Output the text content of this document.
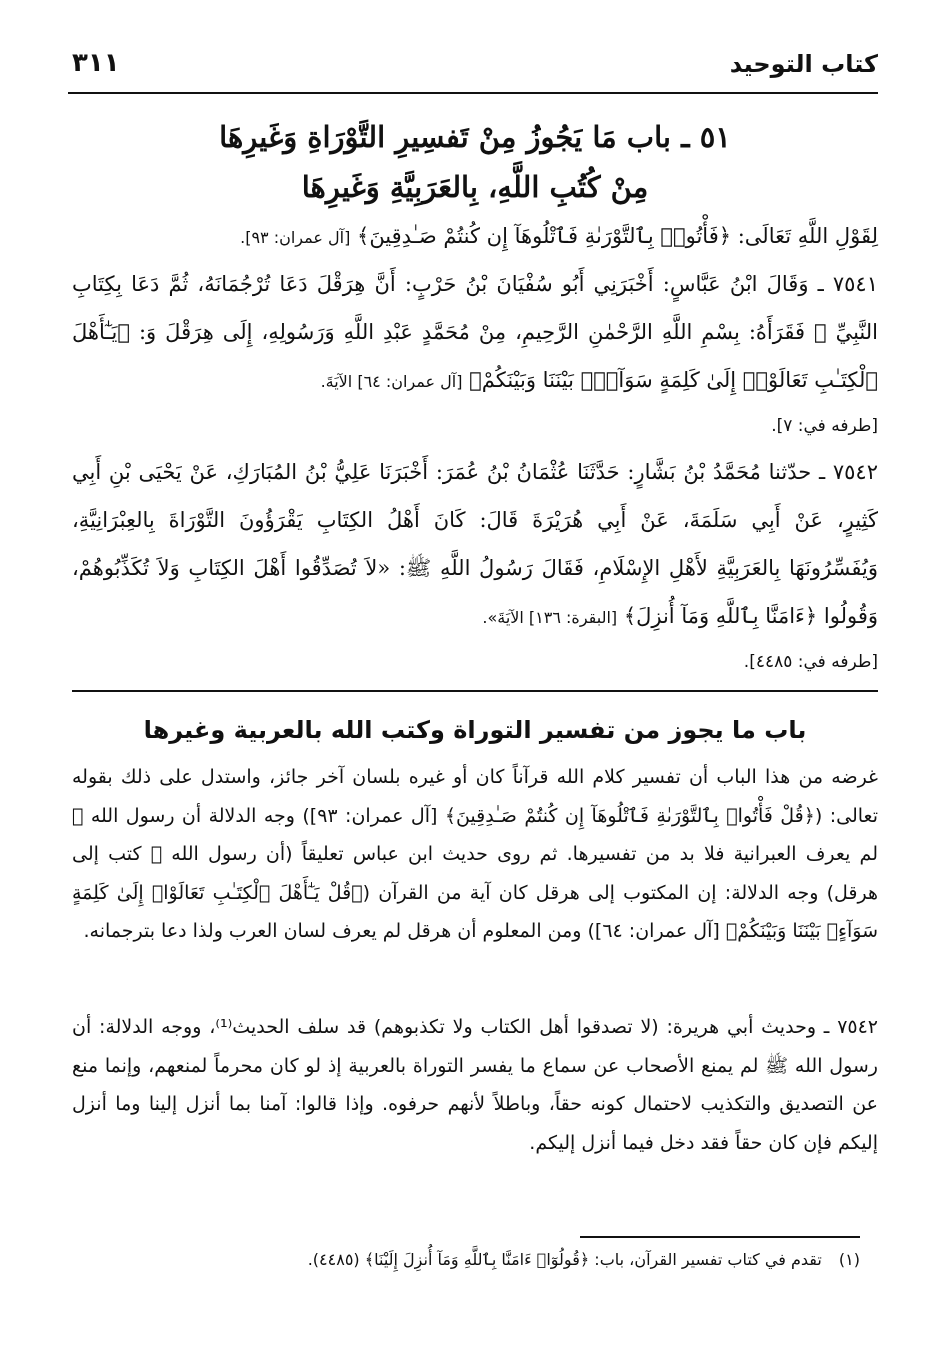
كتاب التوحيد
٣١١
٥١ ـ باب مَا يَجُوزُ مِنْ تَفسِيرِ التَّوْرَاةِ وَغَيرِهَا
مِنْ كُتُبِ اللَّهِ، بِالعَرَبِيَّةِ وَغَيرِهَا
لِقَوْلِ اللَّهِ تَعَالَى: ﴿فَأْتُوا۟ بِٱلتَّوْرَىٰةِ فَٱتْلُوهَآ إِن كُنتُمْ صَـٰدِقِينَ﴾ [آل عمران: ٩٣].
٧٥٤١ ـ وَقَالَ ابْنُ عَبَّاسٍ: أَخْبَرَنِي أَبُو سُفْيَانَ بْنُ حَرْبٍ: أَنَّ هِرَقْلَ دَعَا تُرْجُمَانَهُ، ثُمَّ دَعَا بِكِتَابِ النَّبِيِّ ﷺ فَقَرَأَهُ: بِسْمِ اللَّهِ الرَّحْمٰنِ الرَّحِيمِ، مِنْ مُحَمَّدٍ عَبْدِ اللَّهِ وَرَسُولِهِ، إِلَى هِرَقْلَ وَ: ﴿يَـٰٓأَهْلَ ٱلْكِتَـٰبِ تَعَالَوْا۟ إِلَىٰ كَلِمَةٍ سَوَآءٍۭ بَيْنَنَا وَبَيْنَكُمْ﴾ [آل عمران: ٦٤] الآيَةَ.
[طرفه في: ٧].
٧٥٤٢ ـ حدّثنا مُحَمَّدُ بْنُ بَشَّارٍ: حَدَّثَنَا عُثْمَانُ بْنُ عُمَرَ: أَخْبَرَنَا عَلِيُّ بْنُ المُبَارَكِ، عَنْ يَحْيَى بْنِ أَبِي كَثِيرٍ، عَنْ أَبِي سَلَمَةَ، عَنْ أَبِي هُرَيْرَةَ قَالَ: كَانَ أَهْلُ الكِتَابِ يَقْرَؤُونَ التَّوْرَاةَ بِالعِبْرَانِيَّةِ، وَيُفَسِّرُونَهَا بِالعَرَبِيَّةِ لأَهْلِ الإِسْلَامِ، فَقَالَ رَسُولُ اللَّهِ ﷺ: «لاَ تُصَدِّقُوا أَهْلَ الكِتَابِ وَلاَ تُكَذِّبُوهُمْ، وَقُولُوا ﴿ءَامَنَّا بِٱللَّهِ وَمَآ أُنزِلَ﴾ [البقرة: ١٣٦] الآيَةَ».
[طرفه في: ٤٤٨٥].
باب ما يجوز من تفسير التوراة وكتب الله بالعربية وغيرها
غرضه من هذا الباب أن تفسير كلام الله قرآناً كان أو غيره بلسان آخر جائز، واستدل على ذلك بقوله تعالى: (﴿قُلْ فَأْتُوا۟ بِٱلتَّوْرَىٰةِ فَٱتْلُوهَآ إِن كُنتُمْ صَـٰدِقِينَ﴾ [آل عمران: ٩٣]) وجه الدلالة أن رسول الله ﷺ لم يعرف العبرانية فلا بد من تفسيرها. ثم روى حديث ابن عباس تعليقاً (أن رسول الله ﷺ كتب إلى هرقل) وجه الدلالة: إن المكتوب إلى هرقل كان آية من القرآن (﴿قُلْ يَـٰٓأَهْلَ ٱلْكِتَـٰبِ تَعَالَوْا۟ إِلَىٰ كَلِمَةٍ سَوَآءٍۭ بَيْنَنَا وَبَيْنَكُمْ﴾ [آل عمران: ٦٤]) ومن المعلوم أن هرقل لم يعرف لسان العرب ولذا دعا بترجمانه.
٧٥٤٢ ـ وحديث أبي هريرة: (لا تصدقوا أهل الكتاب ولا تكذبوهم) قد سلف الحديث⁽¹⁾، ووجه الدلالة: أن رسول الله ﷺ لم يمنع الأصحاب عن سماع ما يفسر التوراة بالعربية إذ لو كان محرماً لمنعهم، وإنما منع عن التصديق والتكذيب لاحتمال كونه حقاً، وباطلاً لأنهم حرفوه. وإذا قالوا: آمنا بما أنزل إلينا وما أنزل إليكم فإن كان حقاً فقد دخل فيما أنزل إليكم.
(١) تقدم في كتاب تفسير القرآن، باب: ﴿قُولُوٓا۟ ءَامَنَّا بِٱللَّهِ وَمَآ أُنزِلَ إِلَيْنَا﴾ (٤٤٨٥).
